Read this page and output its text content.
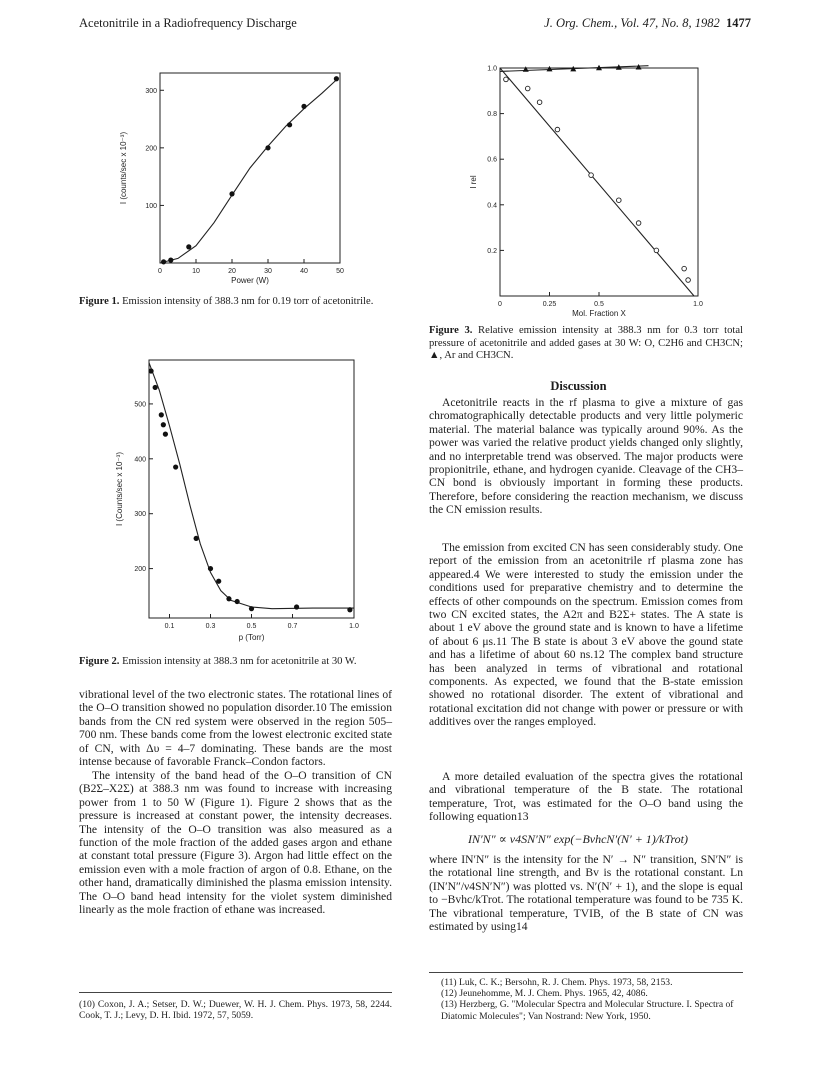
Acetonitrile in a Radiofrequency Discharge	J. Org. Chem., Vol. 47, No. 8, 1982 1477
0	10	20	30	40	50
100
200
300
Power (W)
I (counts/sec x 10⁻³)
Figure 1. Emission intensity of 388.3 nm for 0.19 torr of acetonitrile.
0.1	0.3	0.5	0.7	1.0
200
300
400
500
p (Torr)
I (Counts/sec x 10⁻³)
Figure 2. Emission intensity at 388.3 nm for acetonitrile at 30 W.
0	0.25	0.5	1.0
0.2
0.4
0.6
0.8
1.0
Mol. Fraction X
I rel
Figure 3. Relative emission intensity at 388.3 nm for 0.3 torr total pressure of acetonitrile and added gases at 30 W: O, C2H6 and CH3CN; ▲, Ar and CH3CN.

vibrational level of the two electronic states. The rotational lines of the O–O transition showed no population disorder.10 The emission bands from the CN red system were observed in the region 505–700 nm. These bands come from the lowest electronic excited state of CN, with Δυ = 4–7 dominating. These bands are the most intense because of favorable Franck–Condon factors.

The intensity of the band head of the O–O transition of CN (B2Σ–X2Σ) at 388.3 nm was found to increase with increasing power from 1 to 50 W (Figure 1). Figure 2 shows that as the pressure is increased at constant power, the intensity decreases. The intensity of the O–O transition was also measured as a function of the mole fraction of the added gases argon and ethane at constant total pressure (Figure 3). Argon had little effect on the emission even with a mole fraction of argon of 0.8. Ethane, on the other hand, dramatically diminished the plasma emission intensity. The O–O band head intensity for the violet system diminished linearly as the mole fraction of ethane was increased.

Discussion

Acetonitrile reacts in the rf plasma to give a mixture of gas chromatographically detectable products and very little polymeric material. The material balance was typically around 90%. As the power was varied the relative product yields changed only slightly, and no interpretable trend was observed. The major products were propionitrile, ethane, and hydrogen cyanide. Cleavage of the CH3–CN bond is obviously important in forming these products. Therefore, before considering the reaction mechanism, we discuss the CN emission results.

The emission from excited CN has seen considerably study. One report of the emission from an acetonitrile rf plasma zone has appeared.4 We were interested to study the emission under the conditions used for preparative chemistry and to determine the effects of other compounds on the spectrum. Emission comes from two CN excited states, the A2π and B2Σ+ states. The A state is about 1 eV above the ground state and is known to have a lifetime of about 6 μs.11 The B state is about 3 eV above the gound state and has a lifetime of about 60 ns.12 The complex band structure has been analyzed in terms of vibrational and rotational components. As expected, we found that the B-state emission showed no rotational disorder. The extent of vibrational and rotational excitation did not change with power or pressure or with additives over the ranges employed.

A more detailed evaluation of the spectra gives the rotational and vibrational temperature of the B state. The rotational temperature, Trot, was estimated for the O–O band using the following equation13

IN′N″ ∝ ν4SN′N″ exp(−BvhcN′(N′ + 1)/kTrot)

where IN′N″ is the intensity for the N′ → N″ transition, SN′N″ is the rotational line strength, and Bv is the rotational constant. Ln (IN′N″/ν4SN′N″) was plotted vs. N′(N′ + 1), and the slope is equal to −Bvhc/kTrot. The rotational temperature was found to be 735 K. The vibrational temperature, TVIB, of the B state of CN was estimated by using14

(11) Luk, C. K.; Bersohn, R. J. Chem. Phys. 1973, 58, 2153.

(12) Jeunehomme, M. J. Chem. Phys. 1965, 42, 4086.

(13) Herzberg, G. "Molecular Spectra and Molecular Structure. I. Spectra of Diatomic Molecules"; Van Nostrand: New York, 1950.

(10) Coxon, J. A.; Setser, D. W.; Duewer, W. H. J. Chem. Phys. 1973, 58, 2244. Cook, T. J.; Levy, D. H. Ibid. 1972, 57, 5059.
